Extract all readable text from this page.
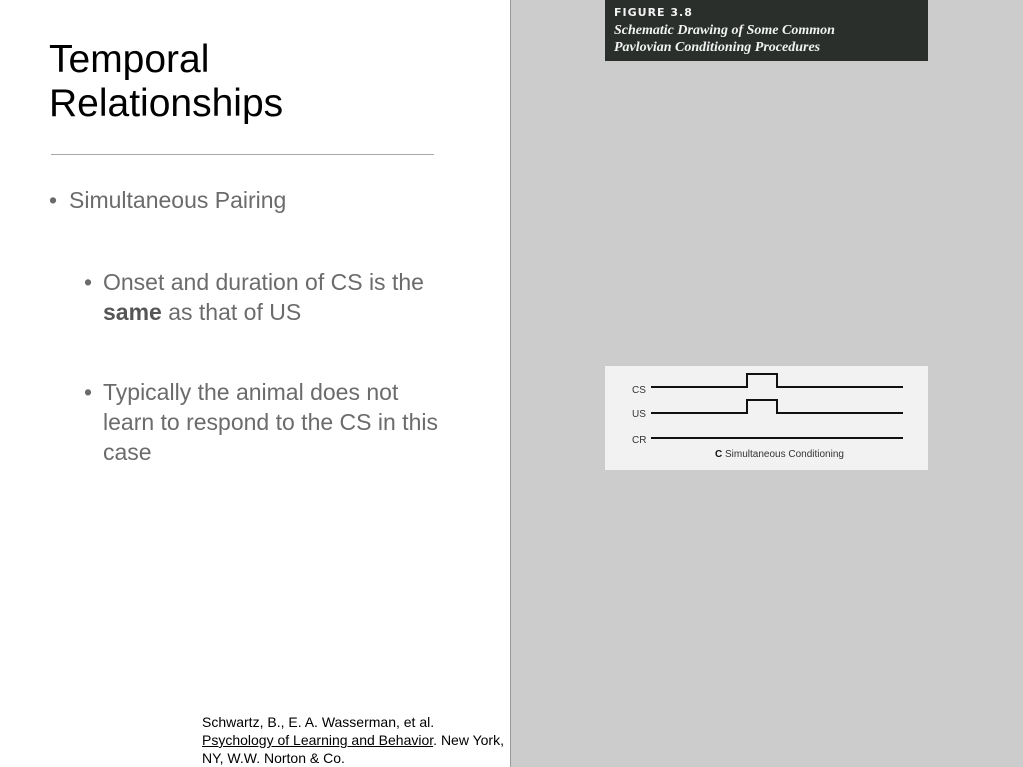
Temporal
Relationships
• Simultaneous Pairing
• Onset and duration of CS is the same as that of US
• Typically the animal does not learn to respond to the CS in this case
Schwartz, B., E. A. Wasserman, et al.
Psychology of Learning and Behavior. New York, NY, W.W. Norton & Co.
FIGURE 3.8
Schematic Drawing of Some Common
Pavlovian Conditioning Procedures
CS
US
CR
C Simultaneous Conditioning
